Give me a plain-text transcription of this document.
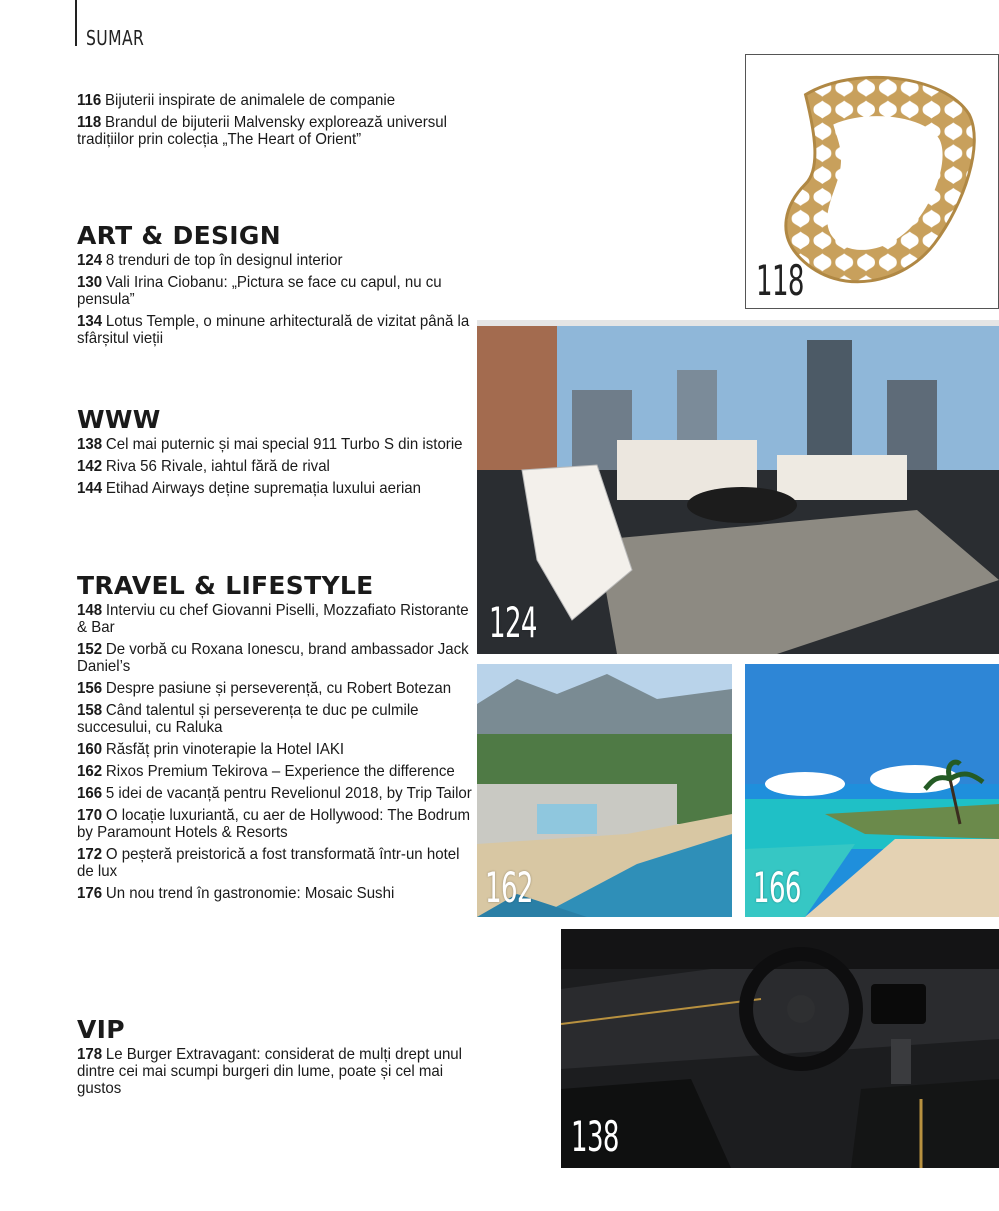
SUMAR
116 Bijuterii inspirate de animalele de companie
118 Brandul de bijuterii Malvensky explorează universul tradițiilor prin colecția „The Heart of Orient”
ART & DESIGN
124 8 trenduri de top în designul interior
130 Vali Irina Ciobanu: „Pictura se face cu capul, nu cu pensula”
134 Lotus Temple, o minune arhitecturală de vizitat până la sfârșitul vieții
WWW
138 Cel mai puternic și mai special 911 Turbo S din istorie
142 Riva 56 Rivale, iahtul fără de rival
144 Etihad Airways deține supremația luxului aerian
TRAVEL & LIFESTYLE
148 Interviu cu chef Giovanni Piselli, Mozzafiato Ristorante & Bar
152 De vorbă cu Roxana Ionescu, brand ambassador Jack Daniel’s
156 Despre pasiune și perseverență, cu Robert Botezan
158 Când talentul și perseverența te duc pe culmile succesului, cu Raluka
160 Răsfăț prin vinoterapie la Hotel IAKI
162 Rixos Premium Tekirova – Experience the difference
166 5 idei de vacanță pentru Revelionul 2018, by Trip Tailor
170 O locație luxuriantă, cu aer de Hollywood: The Bodrum by Paramount Hotels & Resorts
172 O peșteră preistorică a fost transformată într-un hotel de lux
176 Un nou trend în gastronomie: Mosaic Sushi
VIP
178 Le Burger Extravagant: considerat de mulți drept unul dintre cei mai scumpi burgeri din lume, poate și cel mai gustos
118
124
162	166
138
